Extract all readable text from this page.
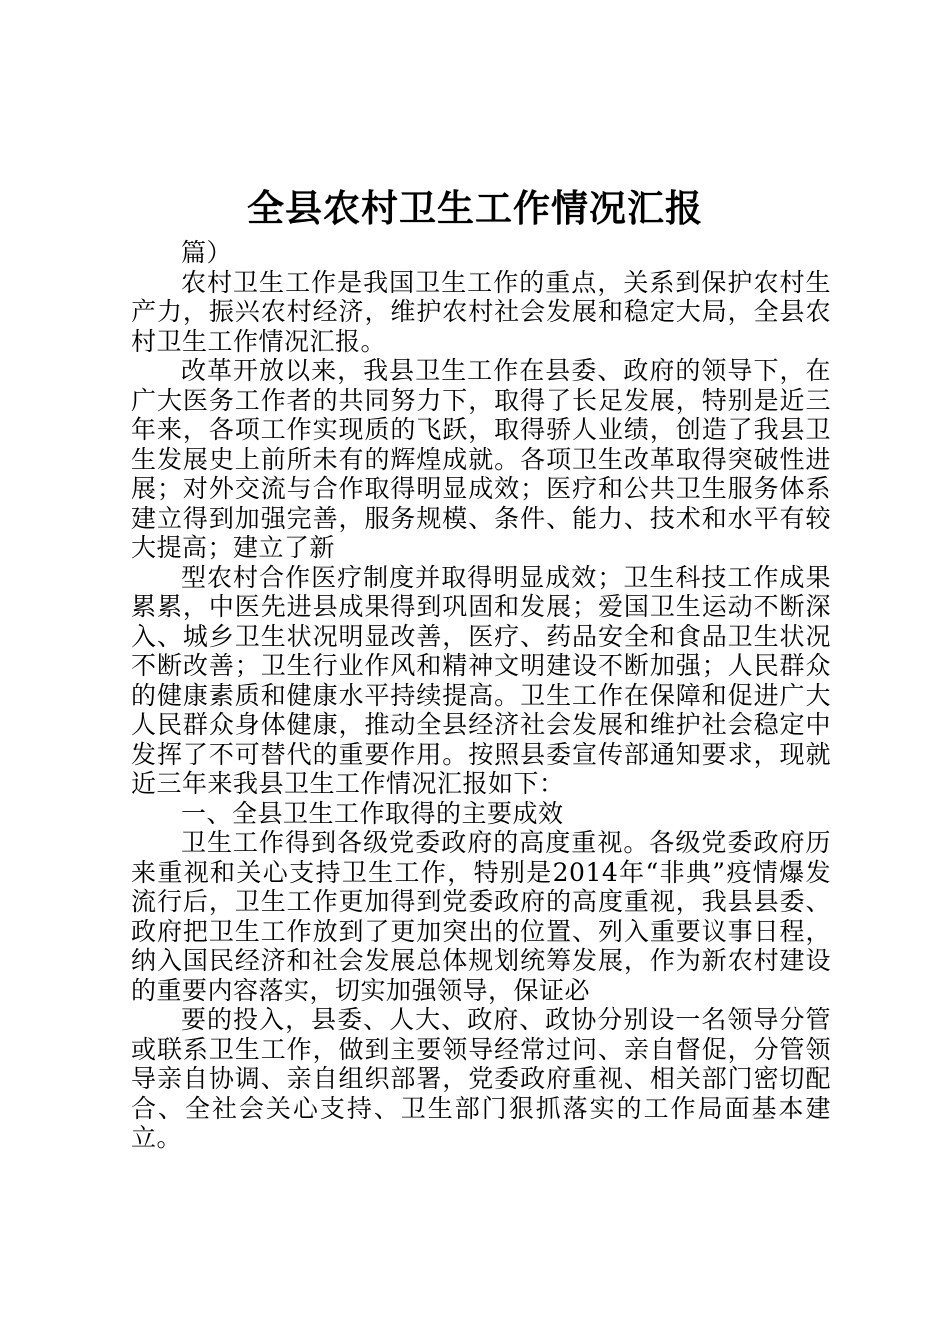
全县农村卫生工作情况汇报

篇）

农村卫生工作是我国卫生工作的重点，关系到保护农村生产力，振兴农村经济，维护农村社会发展和稳定大局，全县农村卫生工作情况汇报。

改革开放以来，我县卫生工作在县委、政府的领导下，在广大医务工作者的共同努力下，取得了长足发展，特别是近三年来，各项工作实现质的飞跃，取得骄人业绩，创造了我县卫生发展史上前所未有的辉煌成就。各项卫生改革取得突破性进展；对外交流与合作取得明显成效；医疗和公共卫生服务体系建立得到加强完善，服务规模、条件、能力、技术和水平有较大提高；建立了新

型农村合作医疗制度并取得明显成效；卫生科技工作成果累累，中医先进县成果得到巩固和发展；爱国卫生运动不断深入、城乡卫生状况明显改善，医疗、药品安全和食品卫生状况不断改善；卫生行业作风和精神文明建设不断加强；人民群众的健康素质和健康水平持续提高。卫生工作在保障和促进广大人民群众身体健康，推动全县经济社会发展和维护社会稳定中发挥了不可替代的重要作用。按照县委宣传部通知要求，现就近三年来我县卫生工作情况汇报如下：

一、全县卫生工作取得的主要成效

卫生工作得到各级党委政府的高度重视。各级党委政府历来重视和关心支持卫生工作，特别是2014年“非典”疫情爆发流行后，卫生工作更加得到党委政府的高度重视，我县县委、政府把卫生工作放到了更加突出的位置、列入重要议事日程，纳入国民经济和社会发展总体规划统筹发展，作为新农村建设的重要内容落实，切实加强领导，保证必

要的投入，县委、人大、政府、政协分别设一名领导分管或联系卫生工作，做到主要领导经常过问、亲自督促，分管领导亲自协调、亲自组织部署，党委政府重视、相关部门密切配合、全社会关心支持、卫生部门狠抓落实的工作局面基本建立。
